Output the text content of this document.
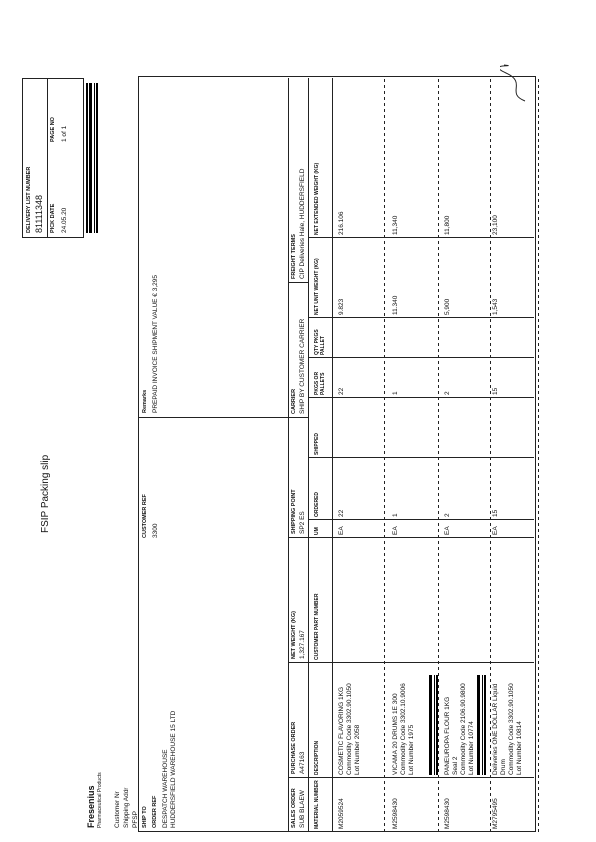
FSIP Packing slip
Fresenius Pharmaceutical Products Customer Nr Shipping Addr PFSP
DELIVERY LIST NUMBER 81111348 PICK DATE
PAGE NO
24.05.20
1 of 1
SHIP TO ORDER REF DESPATCH WAREHOUSE HUDDERSFIELD WAREHOUSE 15 LTD
CUSTOMER REF 3300
Remarks PREPAID INVOICE SHIPMENT VALUE € 3,295
SALES ORDER SUB BLAEW
PURCHASE ORDER A47163
NET WEIGHT (KG) 1,327.167
SHIPPING POINT SP2 ES
CARRIER SHIP BY CUSTOMER CARRIER
FREIGHT TERMS CIP Deliveries Hale, HUDDERSFIELD
MATERIAL NUMBER
DESCRIPTION
CUSTOMER PART NUMBER
UM
ORDERED
SHIPPED
PKGS OR PALLETS
QTY PKGS PALLET
NET UNIT WEIGHT (KG)
NET EXTENDED WEIGHT (KG)
M2059524
COSMETIC FLAVORING 1KG Commodity Code 3302.90.1050 Lot Number 2058
EA
22
22
9.823
216.106
M2598430
VICAMA 20 DRUMS 1E 300 Commodity Code 3302.10.9006 Lot Number 1975
EA
1
1
11.340
11,340
M2598430
PANEUROPA FLOUR 1KG Seal 2 Commodity Code 2106.90.9800 Lot Number 10774
EA
2
2
5,900
11,800
M2795495
Deliveries ONE DOLLAR Liquid Drum Commodity Code 3302.90.1050 Lot Number 10814
EA
15
15
1,543
23,100
